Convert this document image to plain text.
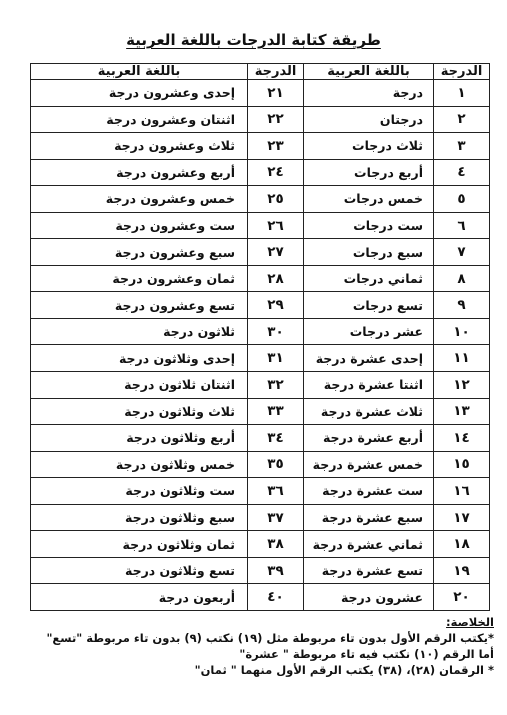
طريقة كتابة الدرجات باللغة العربية
الدرجة	باللغة العربية	الدرجة	باللغة العربية
١	درجة	٢١	إحدى وعشرون درجة
٢	درجتان	٢٢	اثنتان وعشرون درجة
٣	ثلاث درجات	٢٣	ثلاث وعشرون درجة
٤	أربع درجات	٢٤	أربع وعشرون درجة
٥	خمس درجات	٢٥	خمس وعشرون درجة
٦	ست درجات	٢٦	ست وعشرون درجة
٧	سبع درجات	٢٧	سبع وعشرون درجة
٨	ثماني درجات	٢٨	ثمان وعشرون درجة
٩	تسع درجات	٢٩	تسع وعشرون درجة
١٠	عشر درجات	٣٠	ثلاثون درجة
١١	إحدى عشرة درجة	٣١	إحدى وثلاثون درجة
١٢	اثنتا عشرة درجة	٣٢	اثنتان ثلاثون درجة
١٣	ثلاث عشرة درجة	٣٣	ثلاث وثلاثون درجة
١٤	أربع عشرة درجة	٣٤	أربع وثلاثون درجة
١٥	خمس عشرة درجة	٣٥	خمس وثلاثون درجة
١٦	ست عشرة درجة	٣٦	ست وثلاثون درجة
١٧	سبع عشرة درجة	٣٧	سبع وثلاثون درجة
١٨	ثماني عشرة درجة	٣٨	ثمان وثلاثون درجة
١٩	تسع عشرة درجة	٣٩	تسع وثلاثون درجة
٢٠	عشرون درجة	٤٠	أربعون درجة
الخلاصة:
*يكتب الرقم الأول بدون تاء مربوطة مثل (١٩) نكتب (٩) بدون تاء مربوطة "تسع"
أما الرقم (١٠) نكتب فيه تاء مربوطة " عشرة"
* الرقمان (٢٨)، (٣٨) يكتب الرقم الأول منهما " ثمان"
